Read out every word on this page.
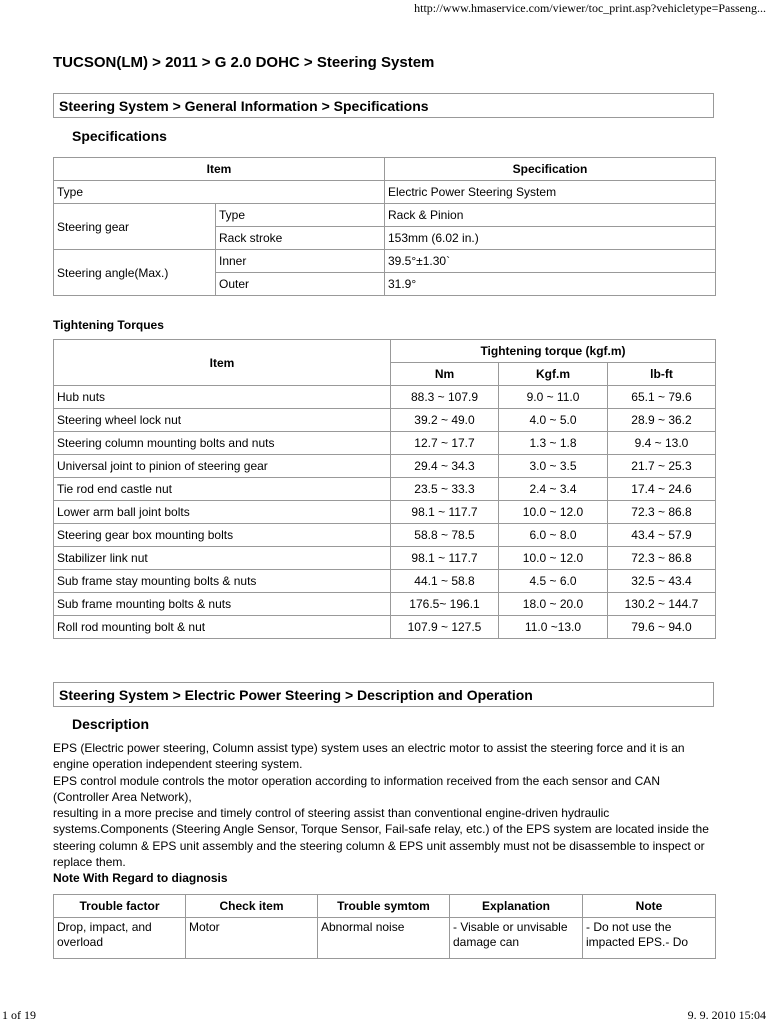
http://www.hmaservice.com/viewer/toc_print.asp?vehicletype=Passeng...
TUCSON(LM) > 2011 > G 2.0 DOHC > Steering System
Steering System > General Information > Specifications
Specifications
Item		Specification
Type		Electric Power Steering System
Steering gear	Type	Rack & Pinion
	Rack stroke	153mm (6.02 in.)
Steering angle(Max.)	Inner	39.5°±1.30`
	Outer	31.9°
Tightening Torques
Item	Tightening torque (kgf.m)		
	Nm	Kgf.m	lb-ft
Hub nuts	88.3 ~ 107.9	9.0 ~ 11.0	65.1 ~ 79.6
Steering wheel lock nut	39.2 ~ 49.0	4.0 ~ 5.0	28.9 ~ 36.2
Steering column mounting bolts and nuts	12.7 ~ 17.7	1.3 ~ 1.8	9.4 ~ 13.0
Universal joint to pinion of steering gear	29.4 ~ 34.3	3.0 ~ 3.5	21.7 ~ 25.3
Tie rod end castle nut	23.5 ~ 33.3	2.4 ~ 3.4	17.4 ~ 24.6
Lower arm ball joint bolts	98.1 ~ 117.7	10.0 ~ 12.0	72.3 ~ 86.8
Steering gear box mounting bolts	58.8 ~ 78.5	6.0 ~ 8.0	43.4 ~ 57.9
Stabilizer link nut	98.1 ~ 117.7	10.0 ~ 12.0	72.3 ~ 86.8
Sub frame stay mounting bolts & nuts	44.1 ~ 58.8	4.5 ~ 6.0	32.5 ~ 43.4
Sub frame mounting bolts & nuts	176.5~ 196.1	18.0 ~ 20.0	130.2 ~ 144.7
Roll rod mounting bolt & nut	107.9 ~ 127.5	11.0 ~13.0	79.6 ~ 94.0
Steering System > Electric Power Steering > Description and Operation
Description

EPS (Electric power steering, Column assist type) system uses an electric motor to assist the steering force and it is an engine operation independent steering system.

EPS control module controls the motor operation according to information received from the each sensor and CAN (Controller Area Network),

resulting in a more precise and timely control of steering assist than conventional engine-driven hydraulic systems.Components (Steering Angle Sensor, Torque Sensor, Fail-safe relay, etc.) of the EPS system are located inside the steering column & EPS unit assembly and the steering column & EPS unit assembly must not be disassemble to inspect or replace them.

Note With Regard to diagnosis

Trouble factor	Check item	Trouble symtom	Explanation	Note
Drop, impact, and overload	Motor	Abnormal noise	- Visable or unvisable damage can	- Do not use the impacted EPS.- Do
1 of 19	9. 9. 2010 15:04
